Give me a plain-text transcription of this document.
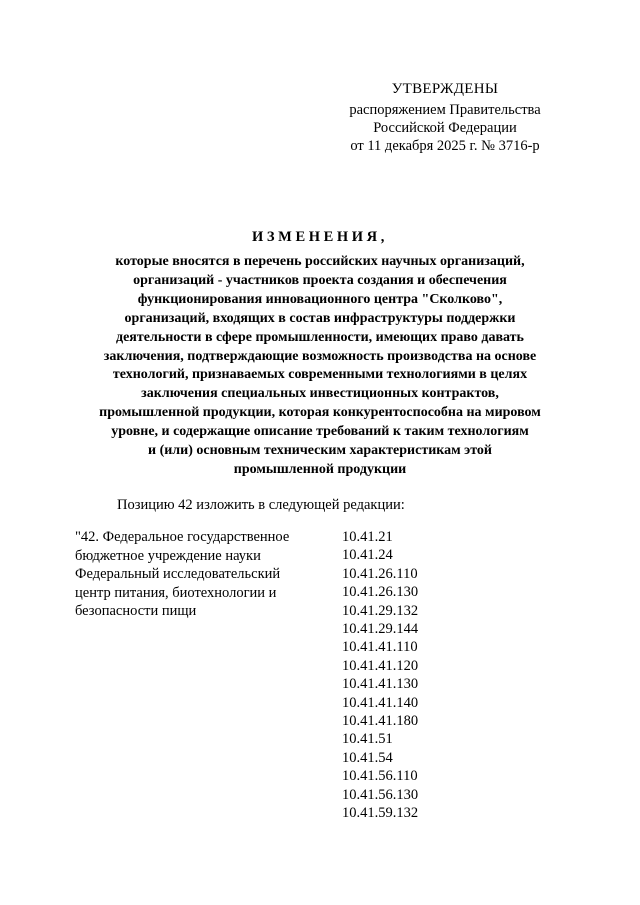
УТВЕРЖДЕНЫ
распоряжением Правительства
Российской Федерации
от 11 декабря 2025 г. № 3716-р
ИЗМЕНЕНИЯ,
которые вносятся в перечень российских научных организаций,
организаций - участников проекта создания и обеспечения
функционирования инновационного центра "Сколково",
организаций, входящих в состав инфраструктуры поддержки
деятельности в сфере промышленности, имеющих право давать
заключения, подтверждающие возможность производства на основе
технологий, признаваемых современными технологиями в целях
заключения специальных инвестиционных контрактов,
промышленной продукции, которая конкурентоспособна на мировом
уровне, и содержащие описание требований к таким технологиям
и (или) основным техническим характеристикам этой
промышленной продукции
Позицию 42 изложить в следующей редакции:
"42. Федеральное государственное
бюджетное учреждение науки
Федеральный исследовательский
центр питания, биотехнологии и
безопасности пищи
10.41.21
10.41.24
10.41.26.110
10.41.26.130
10.41.29.132
10.41.29.144
10.41.41.110
10.41.41.120
10.41.41.130
10.41.41.140
10.41.41.180
10.41.51
10.41.54
10.41.56.110
10.41.56.130
10.41.59.132
